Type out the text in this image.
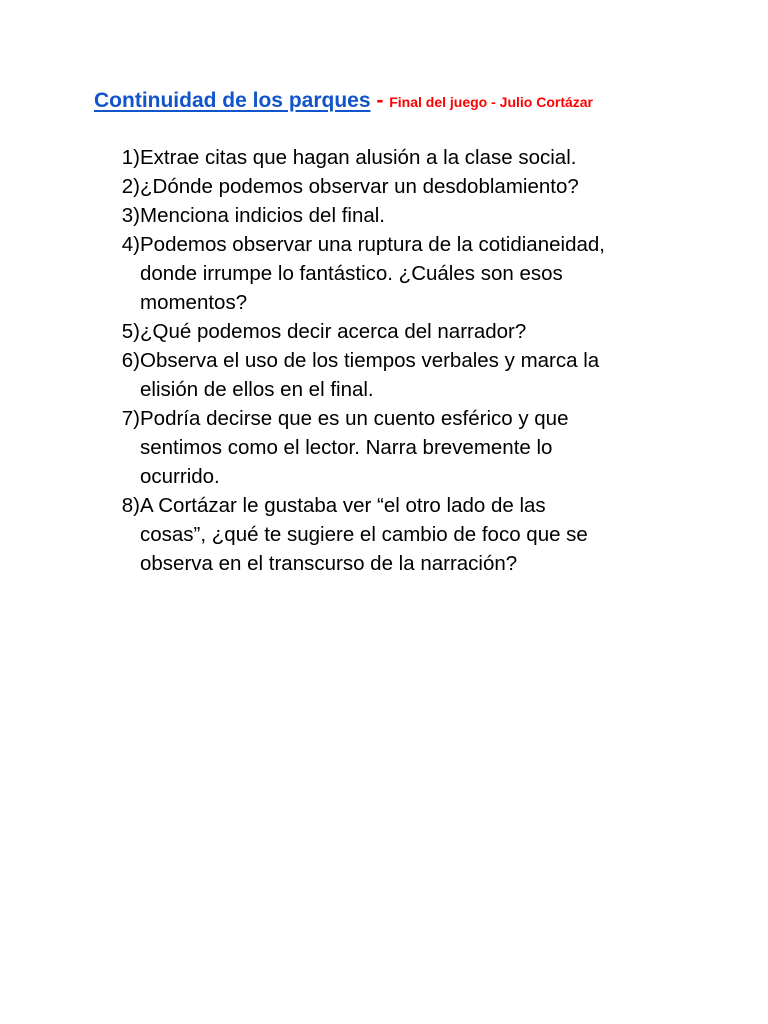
Continuidad de los parques - Final del juego - Julio Cortázar
1) Extrae citas que hagan alusión a la clase social.
2) ¿Dónde podemos observar un desdoblamiento?
3) Menciona indicios del final.
4) Podemos observar una ruptura de la cotidianeidad,
donde irrumpe lo fantástico. ¿Cuáles son esos
momentos?
5) ¿Qué podemos decir acerca del narrador?
6) Observa el uso de los tiempos verbales y marca la
elisión de ellos en el final.
7) Podría decirse que es un cuento esférico y que
sentimos como el lector. Narra brevemente lo
ocurrido.
8) A Cortázar le gustaba ver “el otro lado de las
cosas”, ¿qué te sugiere el cambio de foco que se
observa en el transcurso de la narración?
